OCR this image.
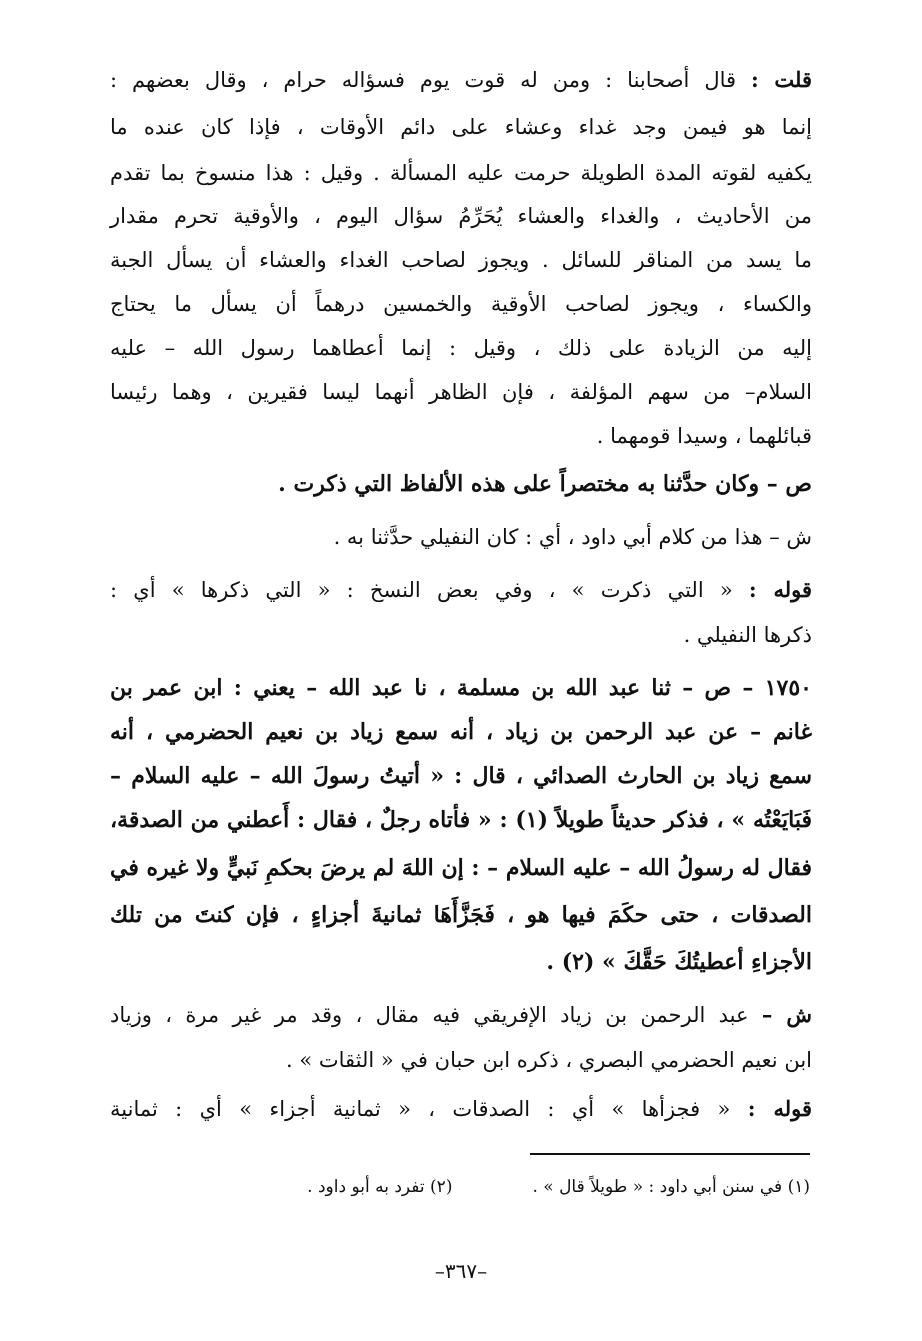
قلت : قال أصحابنا : ومن له قوت يوم فسؤاله حرام ، وقال بعضهم :
إنما هو فيمن وجد غداء وعشاء على دائم الأوقات ، فإذا كان عنده ما
يكفيه لقوته المدة الطويلة حرمت عليه المسألة . وقيل : هذا منسوخ بما تقدم
من الأحاديث ، والغداء والعشاء يُحَرِّمُ سؤال اليوم ، والأوقية تحرم مقدار
ما يسد من المناقر للسائل . ويجوز لصاحب الغداء والعشاء أن يسأل الجبة
والكساء ، ويجوز لصاحب الأوقية والخمسين درهماً أن يسأل ما يحتاج
إليه من الزيادة على ذلك ، وقيل : إنما أعطاهما رسول الله – عليه
السلام– من سهم المؤلفة ، فإن الظاهر أنهما ليسا فقيرين ، وهما رئيسا
قبائلهما ، وسيدا قومهما .
ص – وكان حدَّثنا به مختصراً على هذه الألفاظ التي ذكرت .
ش – هذا من كلام أبي داود ، أي : كان النفيلي حدَّثنا به .
قوله : « التي ذكرت » ، وفي بعض النسخ : « التي ذكرها » أي :
ذكرها النفيلي .
١٧٥٠ – ص – ثنا عبد الله بن مسلمة ، نا عبد الله – يعني : ابن عمر بن
غانم – عن عبد الرحمن بن زياد ، أنه سمع زياد بن نعيم الحضرمي ، أنه
سمع زياد بن الحارث الصدائي ، قال : « أتيتُ رسولَ الله – عليه السلام –
فَبَايَعْتُه » ، فذكر حديثاً طويلاً (١) : « فأتاه رجلٌ ، فقال : أَعطني من الصدقة،
فقال له رسولُ الله – عليه السلام – : إن اللهَ لم يرضَ بحكمِ نَبيٍّ ولا غيره في
الصدقات ، حتى حكَمَ فيها هو ، فَجَزَّأَهَا ثمانيةَ أجزاءٍ ، فإن كنتَ من تلك
الأجزاءِ أعطيتُكَ حَقَّكَ » (٢) .
ش – عبد الرحمن بن زياد الإفريقي فيه مقال ، وقد مر غير مرة ، وزياد
ابن نعيم الحضرمي البصري ، ذكره ابن حبان في « الثقات » .
قوله : « فجزأها » أي : الصدقات ، « ثمانية أجزاء » أي : ثمانية
(١) في سنن أبي داود : « طويلاً قال » .(٢) تفرد به أبو داود .
–٣٦٧–
